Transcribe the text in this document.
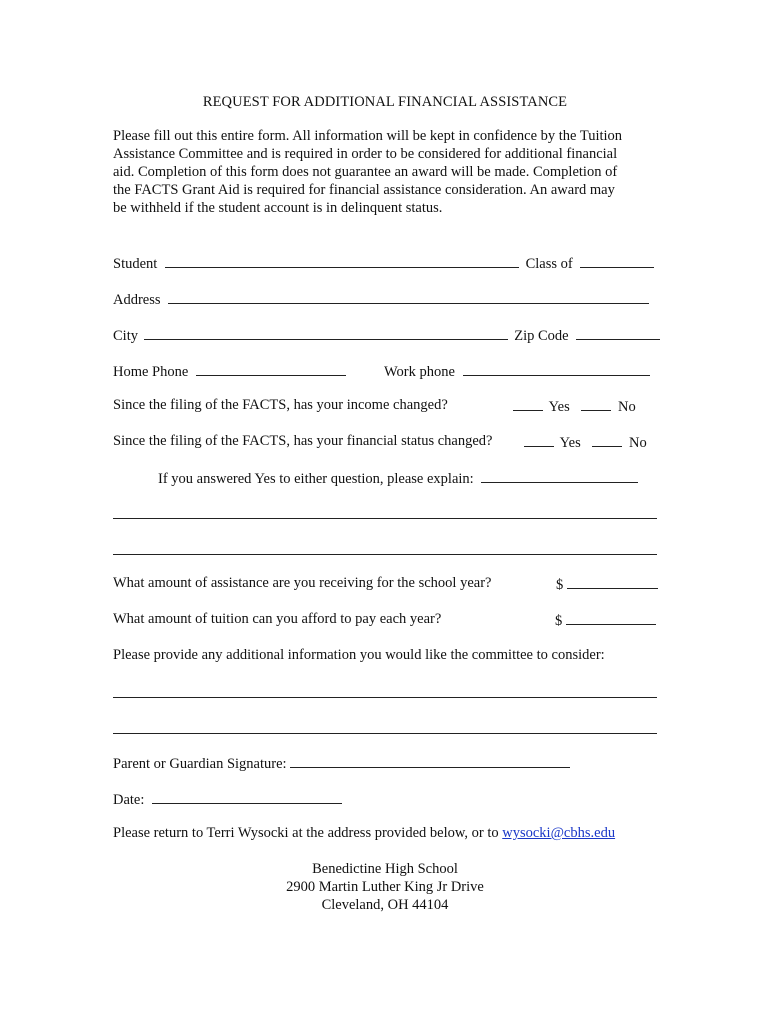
REQUEST FOR ADDITIONAL FINANCIAL ASSISTANCE

Please fill out this entire form. All information will be kept in confidence by the Tuition
Assistance Committee and is required in order to be considered for additional financial
aid. Completion of this form does not guarantee an award will be made. Completion of
the FACTS Grant Aid is required for financial assistance consideration. An award may
be withheld if the student account is in delinquent status.

Student	Class of
Address
City	Zip Code
Home Phone	Work phone
Since the filing of the FACTS, has your income changed?	Yes	No
Since the filing of the FACTS, has your financial status changed?	Yes	No
If you answered Yes to either question, please explain:
What amount of assistance are you receiving for the school year?	$
What amount of tuition can you afford to pay each year?	$
Please provide any additional information you would like the committee to consider:
Parent or Guardian Signature:
Date:
Please return to Terri Wysocki at the address provided below, or to wysocki@cbhs.edu
Benedictine High School
2900 Martin Luther King Jr Drive
Cleveland, OH 44104
